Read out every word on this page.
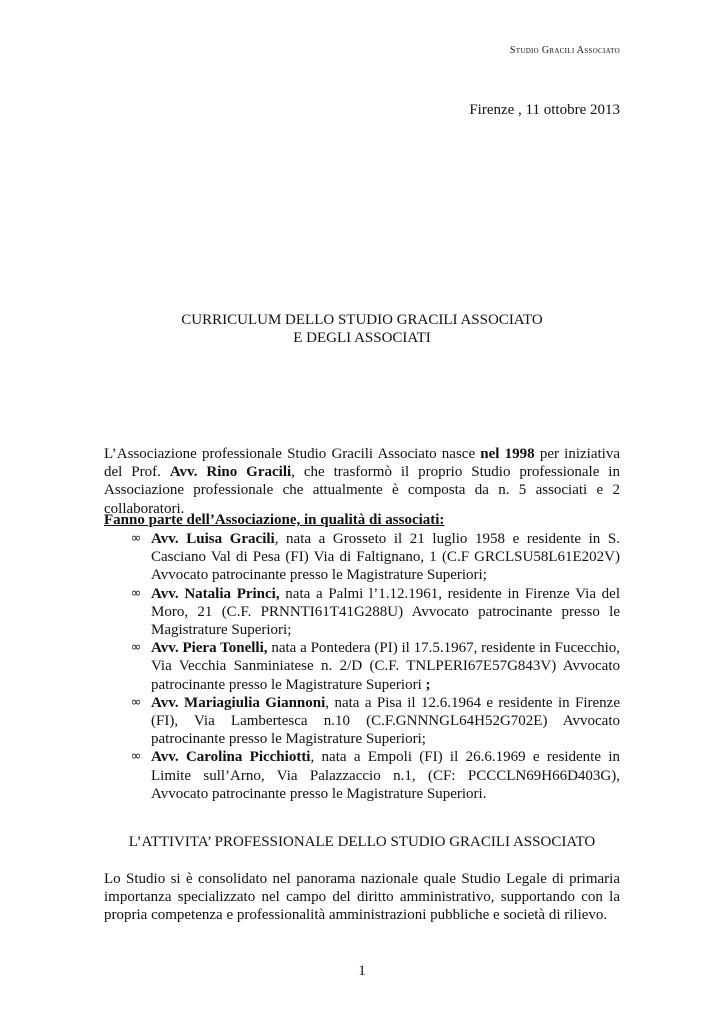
Studio Gracili Associato
Firenze , 11 ottobre 2013
CURRICULUM DELLO STUDIO GRACILI ASSOCIATO
E DEGLI ASSOCIATI

L’Associazione professionale Studio Gracili Associato nasce nel 1998 per iniziativa del Prof. Avv. Rino Gracili, che trasformò il proprio Studio professionale in Associazione professionale che attualmente è composta da n. 5 associati e 2 collaboratori.

Fanno parte dell’Associazione, in qualità di associati:
∞ Avv. Luisa Gracili, nata a Grosseto il 21 luglio 1958 e residente in S. Casciano Val di Pesa (FI) Via di Faltignano, 1 (C.F GRCLSU58L61E202V) Avvocato patrocinante presso le Magistrature Superiori;
∞ Avv. Natalia Princi, nata a Palmi l’1.12.1961, residente in Firenze Via del Moro, 21 (C.F. PRNNTI61T41G288U) Avvocato patrocinante presso le Magistrature Superiori;
∞ Avv. Piera Tonelli, nata a Pontedera (PI) il 17.5.1967, residente in Fucecchio, Via Vecchia Sanminiatese n. 2/D (C.F. TNLPERI67E57G843V) Avvocato patrocinante presso le Magistrature Superiori ;
∞ Avv. Mariagiulia Giannoni, nata a Pisa il 12.6.1964 e residente in Firenze (FI), Via Lambertesca n.10 (C.F.GNNNGL64H52G702E) Avvocato patrocinante presso le Magistrature Superiori;
∞ Avv. Carolina Picchiotti, nata a Empoli (FI) il 26.6.1969 e residente in Limite sull’Arno, Via Palazzaccio n.1, (CF: PCCCLN69H66D403G), Avvocato patrocinante presso le Magistrature Superiori.
L’ATTIVITA’ PROFESSIONALE DELLO STUDIO GRACILI ASSOCIATO

Lo Studio si è consolidato nel panorama nazionale quale Studio Legale di primaria importanza specializzato nel campo del diritto amministrativo, supportando con la propria competenza e professionalità amministrazioni pubbliche e società di rilievo.

1
